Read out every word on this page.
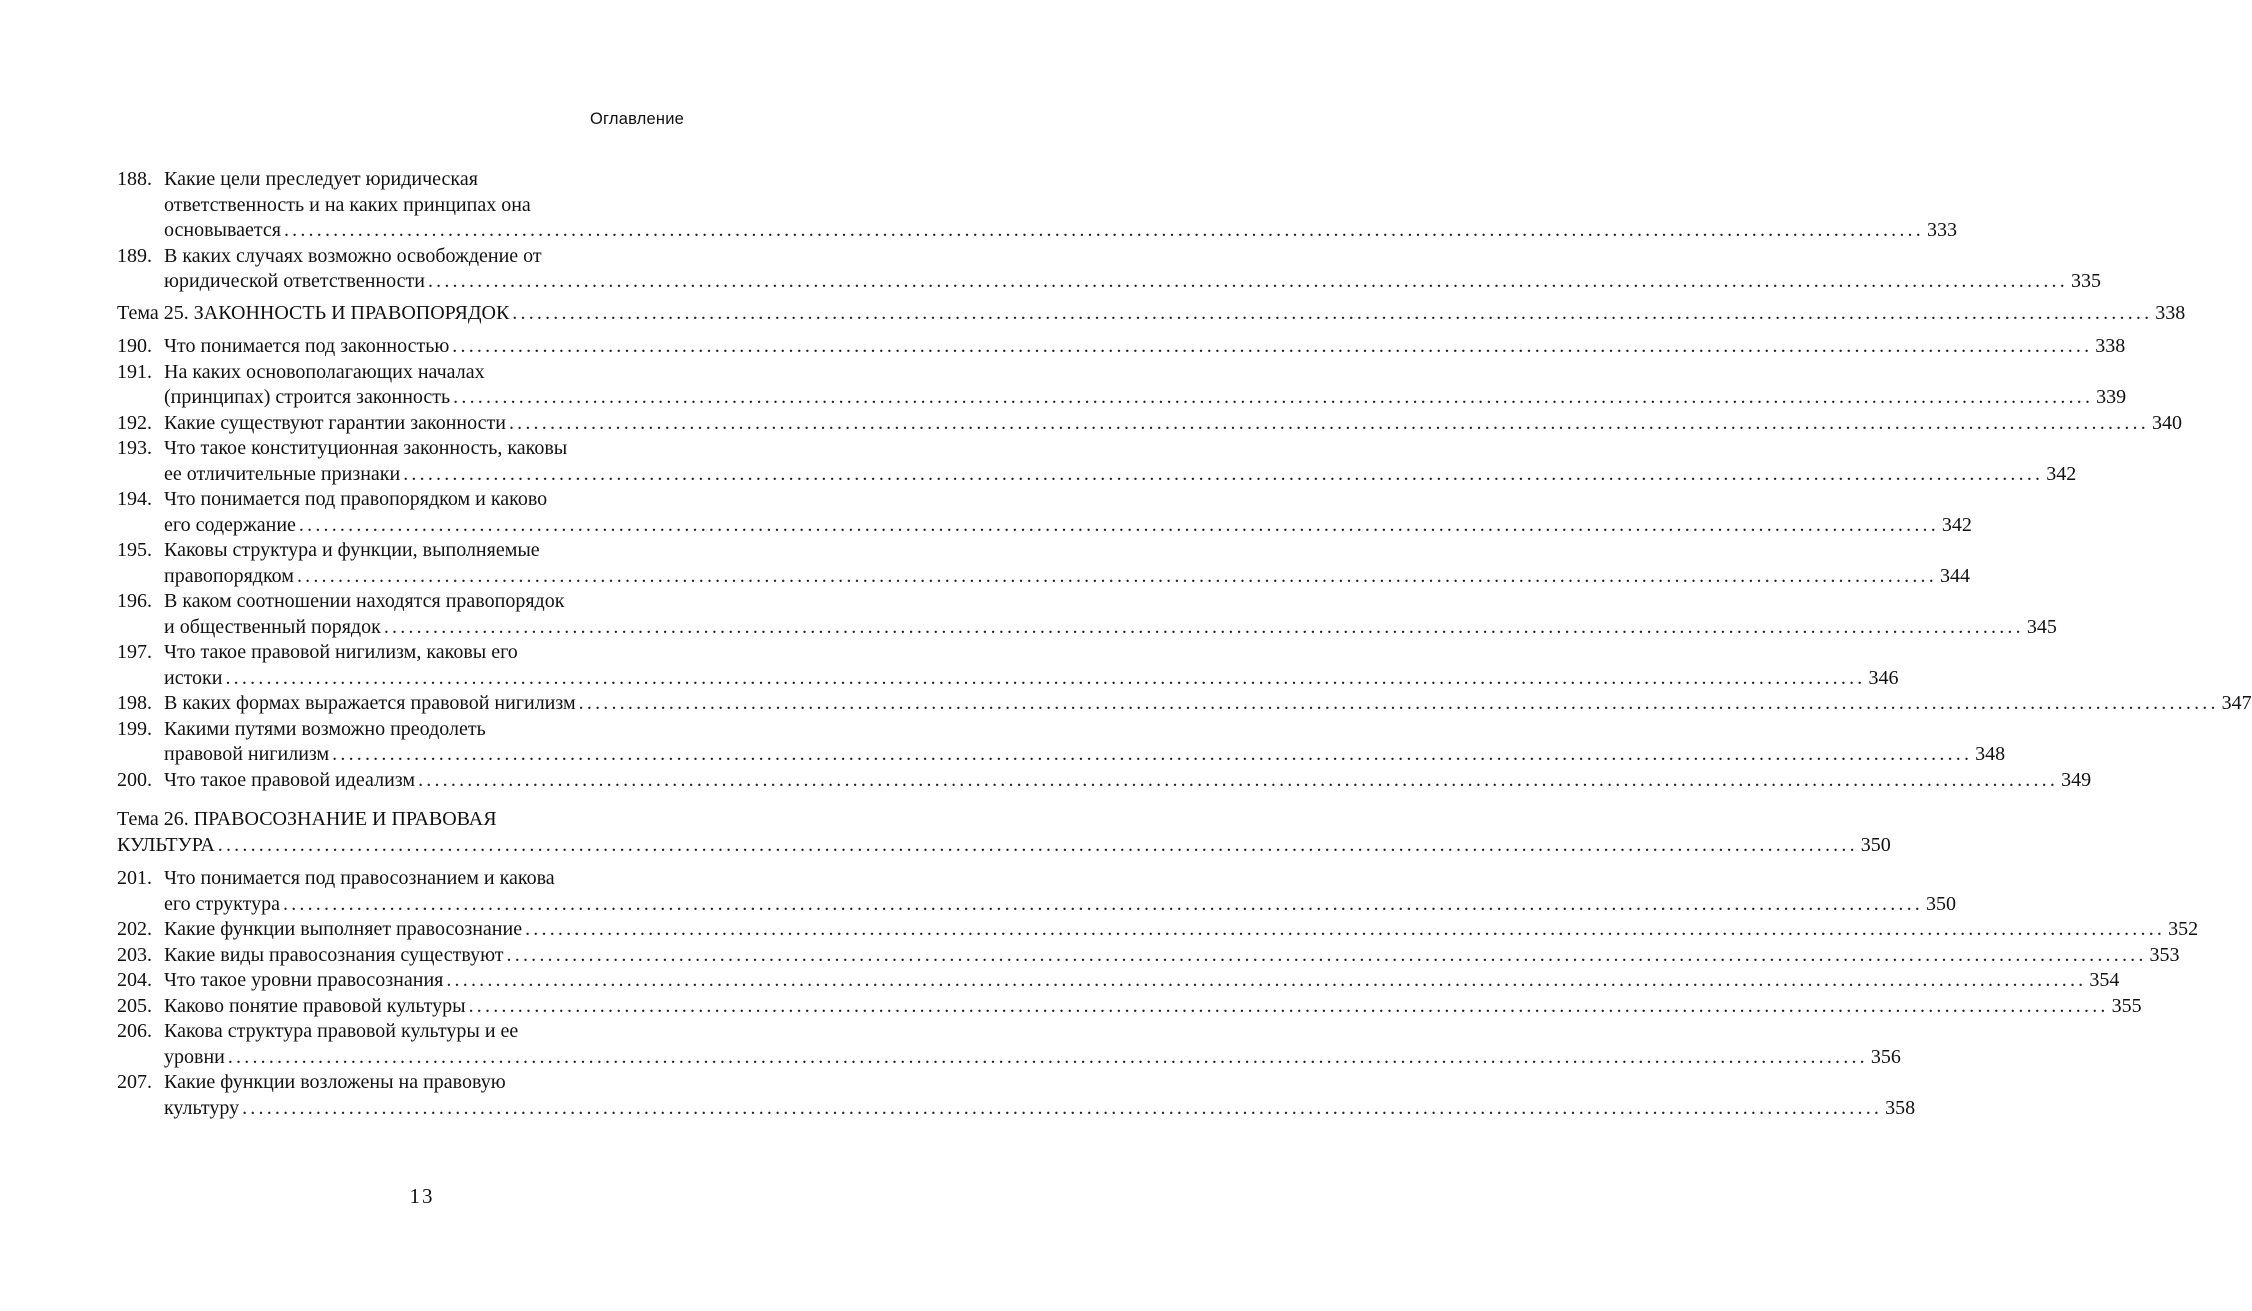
Оглавление
188. Какие цели преследует юридическая
ответственность и на каких принципах она
основывается ........................................................................................................................................................................................................ 333
189. В каких случаях возможно освобождение от
юридической ответственности ........................................................................................................................................................................................................ 335
Тема 25. ЗАКОННОСТЬ И ПРАВОПОРЯДОК ........................................................................................................................................................................................................ 338
190. Что понимается под законностью ........................................................................................................................................................................................................ 338
191. На каких основополагающих началах
(принципах) строится законность ........................................................................................................................................................................................................ 339
192. Какие существуют гарантии законности ........................................................................................................................................................................................................ 340
193. Что такое конституционная законность, каковы
ее отличительные признаки ........................................................................................................................................................................................................ 342
194. Что понимается под правопорядком и каково
его содержание ........................................................................................................................................................................................................ 342
195. Каковы структура и функции, выполняемые
правопорядком ........................................................................................................................................................................................................ 344
196. В каком соотношении находятся правопорядок
и общественный порядок ........................................................................................................................................................................................................ 345
197. Что такое правовой нигилизм, каковы его
истоки ........................................................................................................................................................................................................ 346
198. В каких формах выражается правовой нигилизм ........................................................................................................................................................................................................ 347
199. Какими путями возможно преодолеть
правовой нигилизм ........................................................................................................................................................................................................ 348
200. Что такое правовой идеализм ........................................................................................................................................................................................................ 349
Тема 26. ПРАВОСОЗНАНИЕ И ПРАВОВАЯ
КУЛЬТУРА ........................................................................................................................................................................................................ 350
201. Что понимается под правосознанием и какова
его структура ........................................................................................................................................................................................................ 350
202. Какие функции выполняет правосознание ........................................................................................................................................................................................................ 352
203. Какие виды правосознания существуют ........................................................................................................................................................................................................ 353
204. Что такое уровни правосознания ........................................................................................................................................................................................................ 354
205. Каково понятие правовой культуры ........................................................................................................................................................................................................ 355
206. Какова структура правовой культуры и ее
уровни ........................................................................................................................................................................................................ 356
207. Какие функции возложены на правовую
культуру ........................................................................................................................................................................................................ 358
13
